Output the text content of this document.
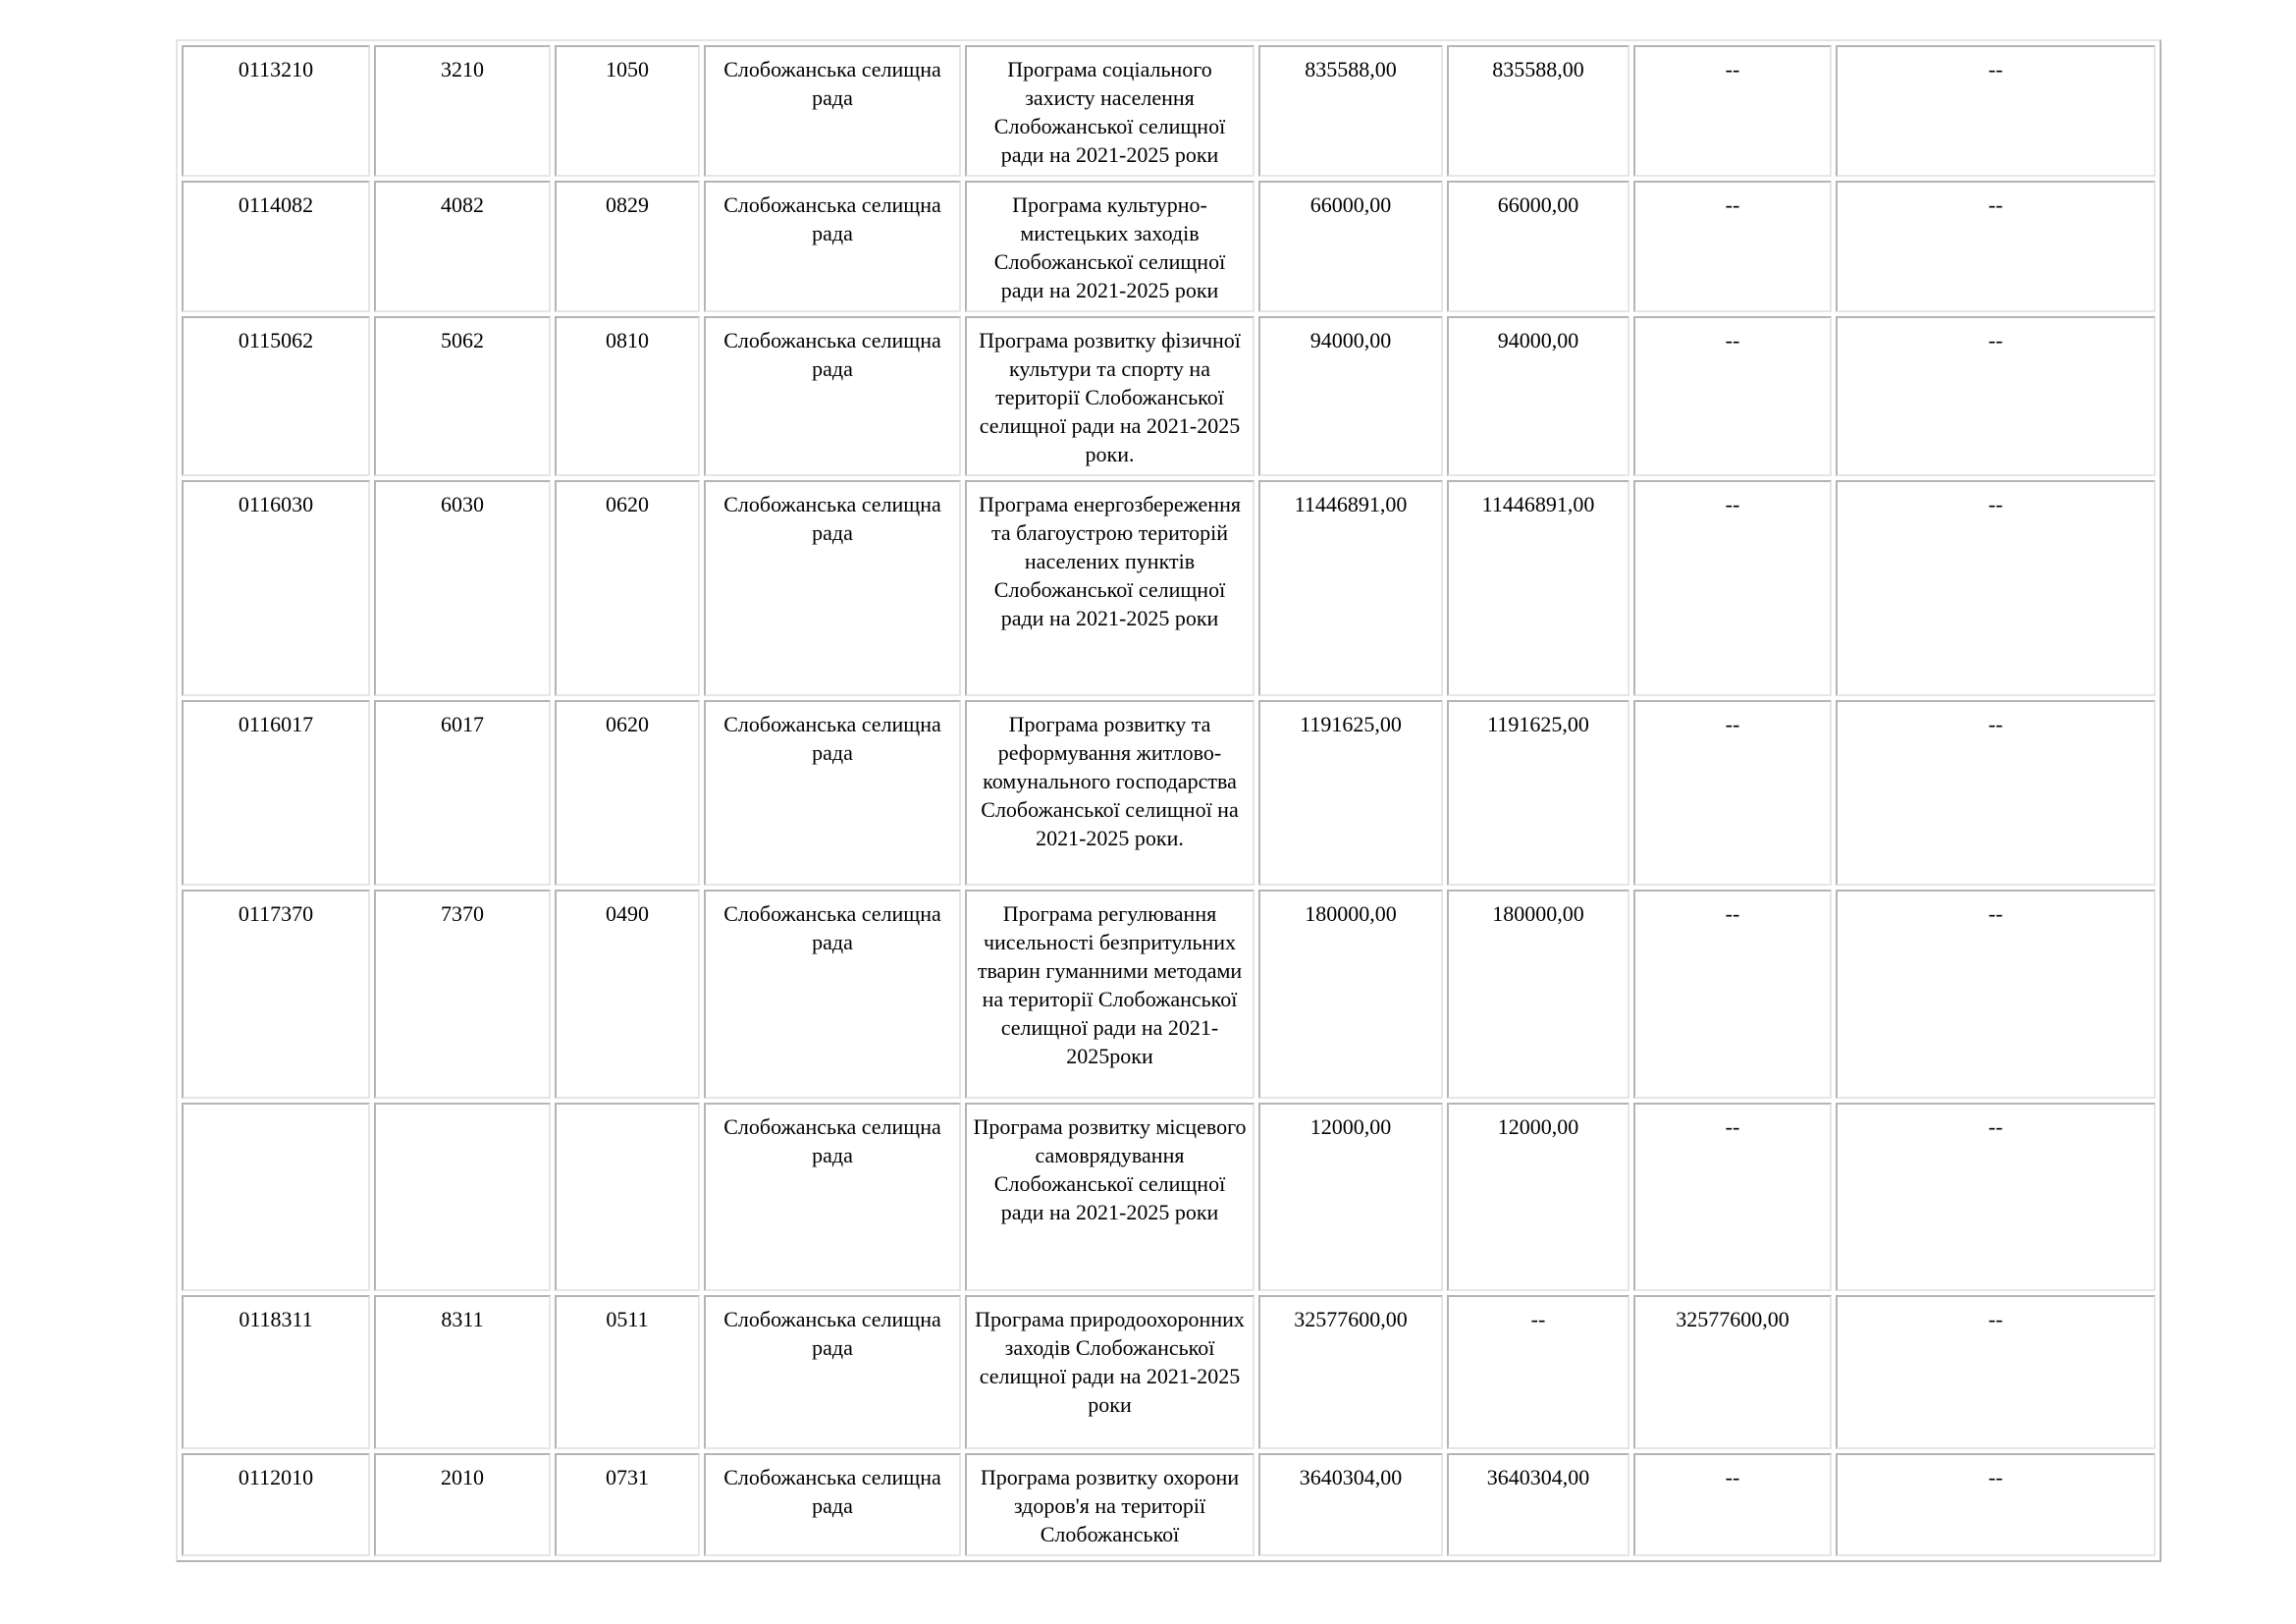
0113210	3210	1050	Слобожанська селищна рада	Програма соціального захисту населення Слобожанської селищної ради на 2021-2025 роки	835588,00	835588,00	--	--
0114082	4082	0829	Слобожанська селищна рада	Програма культурно-мистецьких заходів Слобожанської селищної ради на 2021-2025 роки	66000,00	66000,00	--	--
0115062	5062	0810	Слобожанська селищна рада	Програма розвитку фізичної культури та спорту на території Слобожанської селищної ради на 2021-2025 роки.	94000,00	94000,00	--	--
0116030	6030	0620	Слобожанська селищна рада	Програма енергозбереження та благоустрою територій населених пунктів Слобожанської селищної ради на 2021-2025 роки	11446891,00	11446891,00	--	--
0116017	6017	0620	Слобожанська селищна рада	Програма розвитку та реформування житлово-комунального господарства Слобожанської селищної на 2021-2025 роки.	1191625,00	1191625,00	--	--
0117370	7370	0490	Слобожанська селищна рада	Програма регулювання чисельності безпритульних тварин гуманними методами на території Слобожанської селищної ради на 2021-2025роки	180000,00	180000,00	--	--
			Слобожанська селищна рада	Програма розвитку місцевого самоврядування Слобожанської селищної ради на 2021-2025 роки	12000,00	12000,00	--	--
0118311	8311	0511	Слобожанська селищна рада	Програма природоохоронних заходів Слобожанської селищної ради на 2021-2025 роки	32577600,00	--	32577600,00	--
0112010	2010	0731	Слобожанська селищна рада	Програма розвитку охорони здоров'я на території Слобожанської	3640304,00	3640304,00	--	--
